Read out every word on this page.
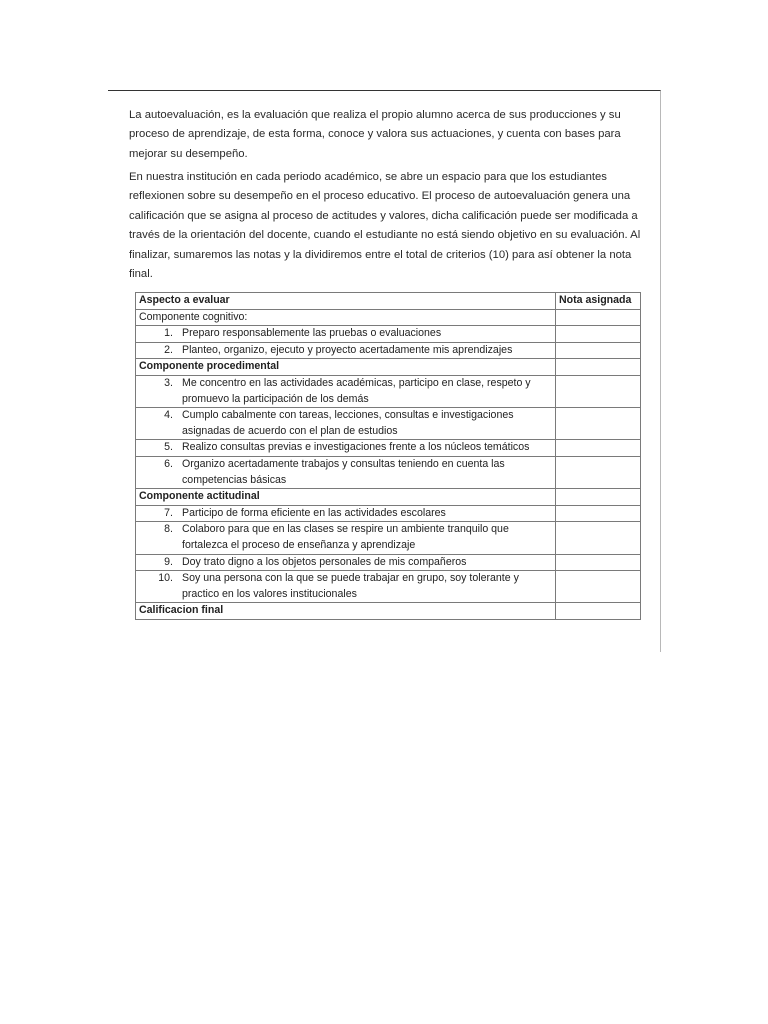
La autoevaluación, es la evaluación que realiza el propio alumno acerca de sus producciones y su proceso de aprendizaje, de esta forma, conoce y valora sus actuaciones, y cuenta con bases para mejorar su desempeño.

En nuestra institución en cada periodo académico, se abre un espacio para que los estudiantes reflexionen sobre su desempeño en el proceso educativo. El proceso de autoevaluación genera una calificación que se asigna al proceso de actitudes y valores, dicha calificación puede ser modificada a través de la orientación del docente, cuando el estudiante no está siendo objetivo en su evaluación. Al finalizar, sumaremos las notas y la dividiremos entre el total de criterios (10) para así obtener la nota final.

Aspecto a evaluar	Nota asignada
Componente cognitivo:	

1. Preparo responsablemente las pruebas o evaluaciones	

2. Planteo, organizo, ejecuto y proyecto acertadamente mis aprendizajes	

Componente procedimental	

3. Me concentro en las actividades académicas, participo en clase, respeto y promuevo la participación de los demás	

4. Cumplo cabalmente con tareas, lecciones, consultas e investigaciones asignadas de acuerdo con el plan de estudios	

5. Realizo consultas previas e investigaciones frente a los núcleos temáticos	

6. Organizo acertadamente trabajos y consultas teniendo en cuenta las competencias básicas	

Componente actitudinal	

7. Participo de forma eficiente en las actividades escolares	

8. Colaboro para que en las clases se respire un ambiente tranquilo que fortalezca el proceso de enseñanza y aprendizaje	

9. Doy trato digno a los objetos personales de mis compañeros	

10. Soy una persona con la que se puede trabajar en grupo, soy tolerante y practico en los valores institucionales	

Calificacion final	
